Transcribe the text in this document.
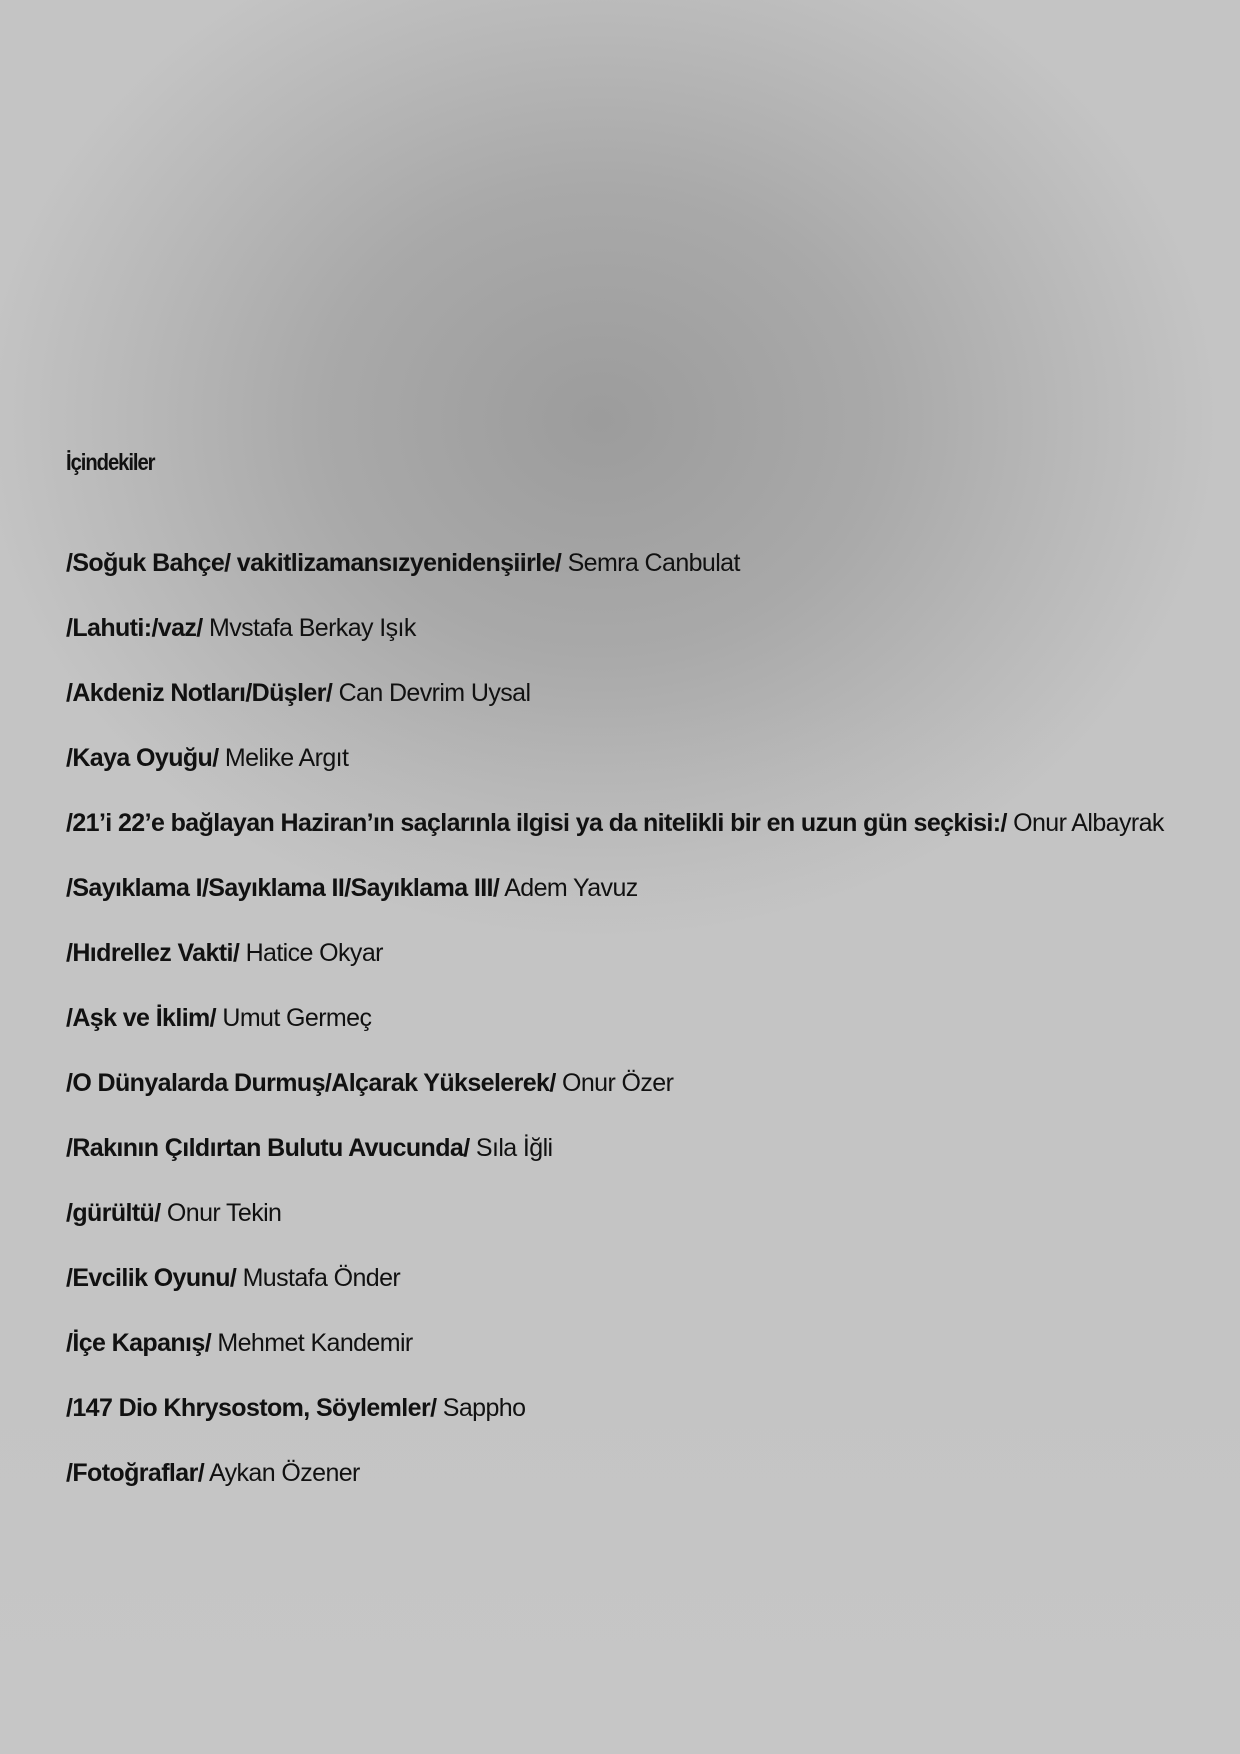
İçindekiler
/Soğuk Bahçe/ vakitlizamansızyenidenşiirle/ Semra Canbulat
/Lahuti:/vaz/ Mvstafa Berkay Işık
/Akdeniz Notları/Düşler/ Can Devrim Uysal
/Kaya Oyuğu/ Melike Argıt
/21’i 22’e bağlayan Haziran’ın saçlarınla ilgisi ya da nitelikli bir en uzun gün seçkisi:/ Onur Albayrak
/Sayıklama I/Sayıklama II/Sayıklama III/ Adem Yavuz
/Hıdrellez Vakti/ Hatice Okyar
/Aşk ve İklim/ Umut Germeç
/O Dünyalarda Durmuş/Alçarak Yükselerek/ Onur Özer
/Rakının Çıldırtan Bulutu Avucunda/ Sıla İğli
/gürültü/ Onur Tekin
/Evcilik Oyunu/ Mustafa Önder
/İçe Kapanış/ Mehmet Kandemir
/147 Dio Khrysostom, Söylemler/ Sappho
/Fotoğraflar/ Aykan Özener
